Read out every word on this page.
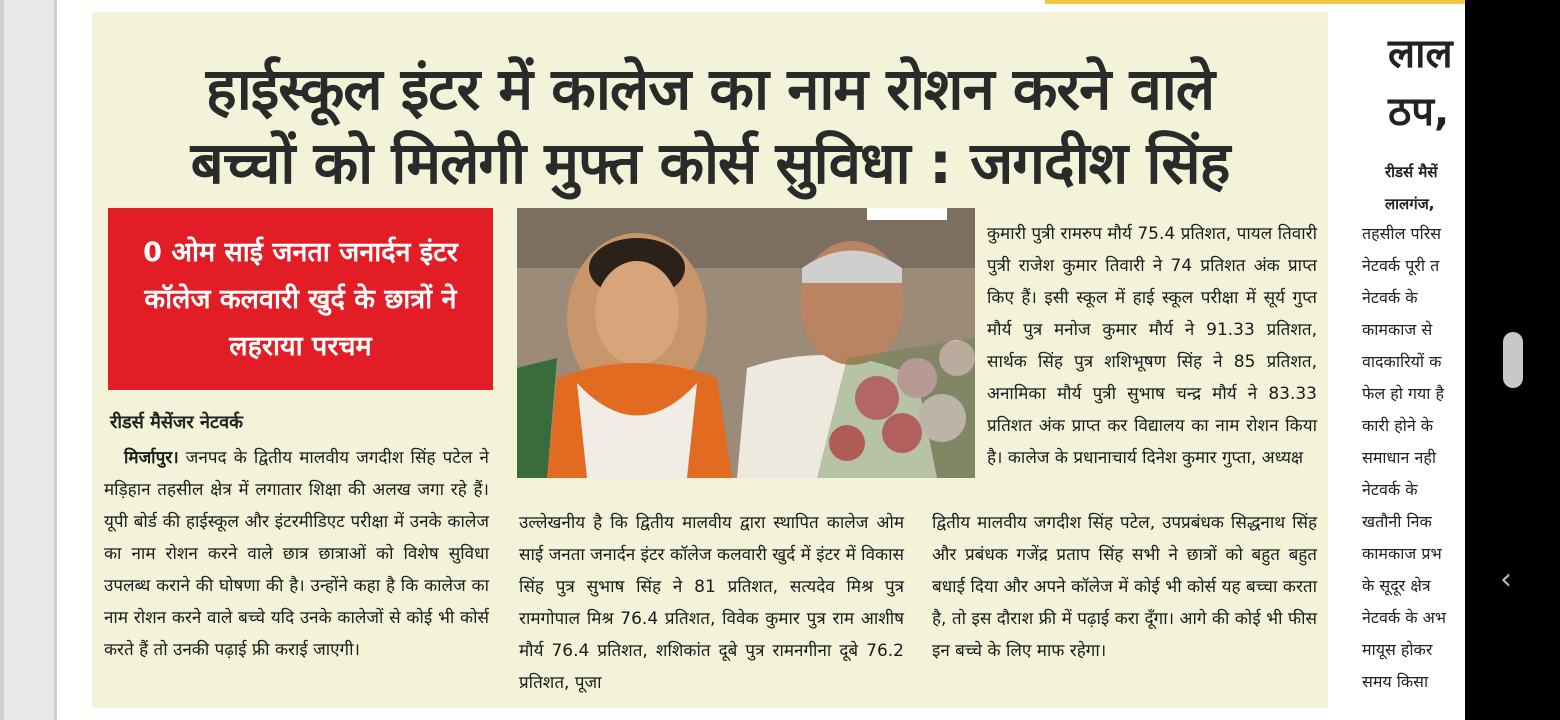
हाईस्कूल इंटर में कालेज का नाम रोशन करने वाले
बच्चों को मिलेगी मुफ्त कोर्स सुविधा : जगदीश सिंह
0 ओम साई जनता जनार्दन इंटर
कॉलेज कलवारी खुर्द के छात्रों ने
लहराया परचम
रीडर्स मैसेंजर नेटवर्क
मिर्जापुर। जनपद के द्वितीय मालवीय जगदीश सिंह पटेल ने मड़िहान तहसील क्षेत्र में लगातार शिक्षा की अलख जगा रहे हैं। यूपी बोर्ड की हाईस्कूल और इंटरमीडिएट परीक्षा में उनके कालेज का नाम रोशन करने वाले छात्र छात्राओं को विशेष सुविधा उपलब्ध कराने की घोषणा की है। उन्होंने कहा है कि कालेज का नाम रोशन करने वाले बच्चे यदि उनके कालेजों से कोई भी कोर्स करते हैं तो उनकी पढ़ाई फ्री कराई जाएगी।
उल्लेखनीय है कि द्वितीय मालवीय द्वारा स्थापित कालेज ओम साई जनता जनार्दन इंटर कॉलेज कलवारी खुर्द में इंटर में विकास सिंह पुत्र सुभाष सिंह ने 81 प्रतिशत, सत्यदेव मिश्र पुत्र रामगोपाल मिश्र 76.4 प्रतिशत, विवेक कुमार पुत्र राम आशीष मौर्य 76.4 प्रतिशत, शशिकांत दूबे पुत्र रामनगीना दूबे 76.2 प्रतिशत, पूजा
कुमारी पुत्री रामरुप मौर्य 75.4 प्रतिशत, पायल तिवारी पुत्री राजेश कुमार तिवारी ने 74 प्रतिशत अंक प्राप्त किए हैं। इसी स्कूल में हाई स्कूल परीक्षा में सूर्य गुप्त मौर्य पुत्र मनोज कुमार मौर्य ने 91.33 प्रतिशत, सार्थक सिंह पुत्र शशिभूषण सिंह ने 85 प्रतिशत, अनामिका मौर्य पुत्री सुभाष चन्द्र मौर्य ने 83.33 प्रतिशत अंक प्राप्त कर विद्यालय का नाम रोशन किया है। कालेज के प्रधानाचार्य दिनेश कुमार गुप्ता, अध्यक्ष
द्वितीय मालवीय जगदीश सिंह पटेल, उपप्रबंधक सिद्धनाथ सिंह और प्रबंधक गजेंद्र प्रताप सिंह सभी ने छात्रों को बहुत बहुत बधाई दिया और अपने कॉलेज में कोई भी कोर्स यह बच्चा करता है, तो इस दौराश फ्री में पढ़ाई करा दूँगा। आगे की कोई भी फीस इन बच्चे के लिए माफ रहेगा।
लाल
ठप,
रीडर्स मैसें
लालगंज,
तहसील परिस
नेटवर्क पूरी त
नेटवर्क के
कामकाज से
वादकारियों क
फेल हो गया है
कारी होने के
समाधान नही
नेटवर्क के
खतौनी निक
कामकाज प्रभ
के सूदूर क्षेत्र
नेटवर्क के अभ
मायूस होकर
समय किसा
‹
